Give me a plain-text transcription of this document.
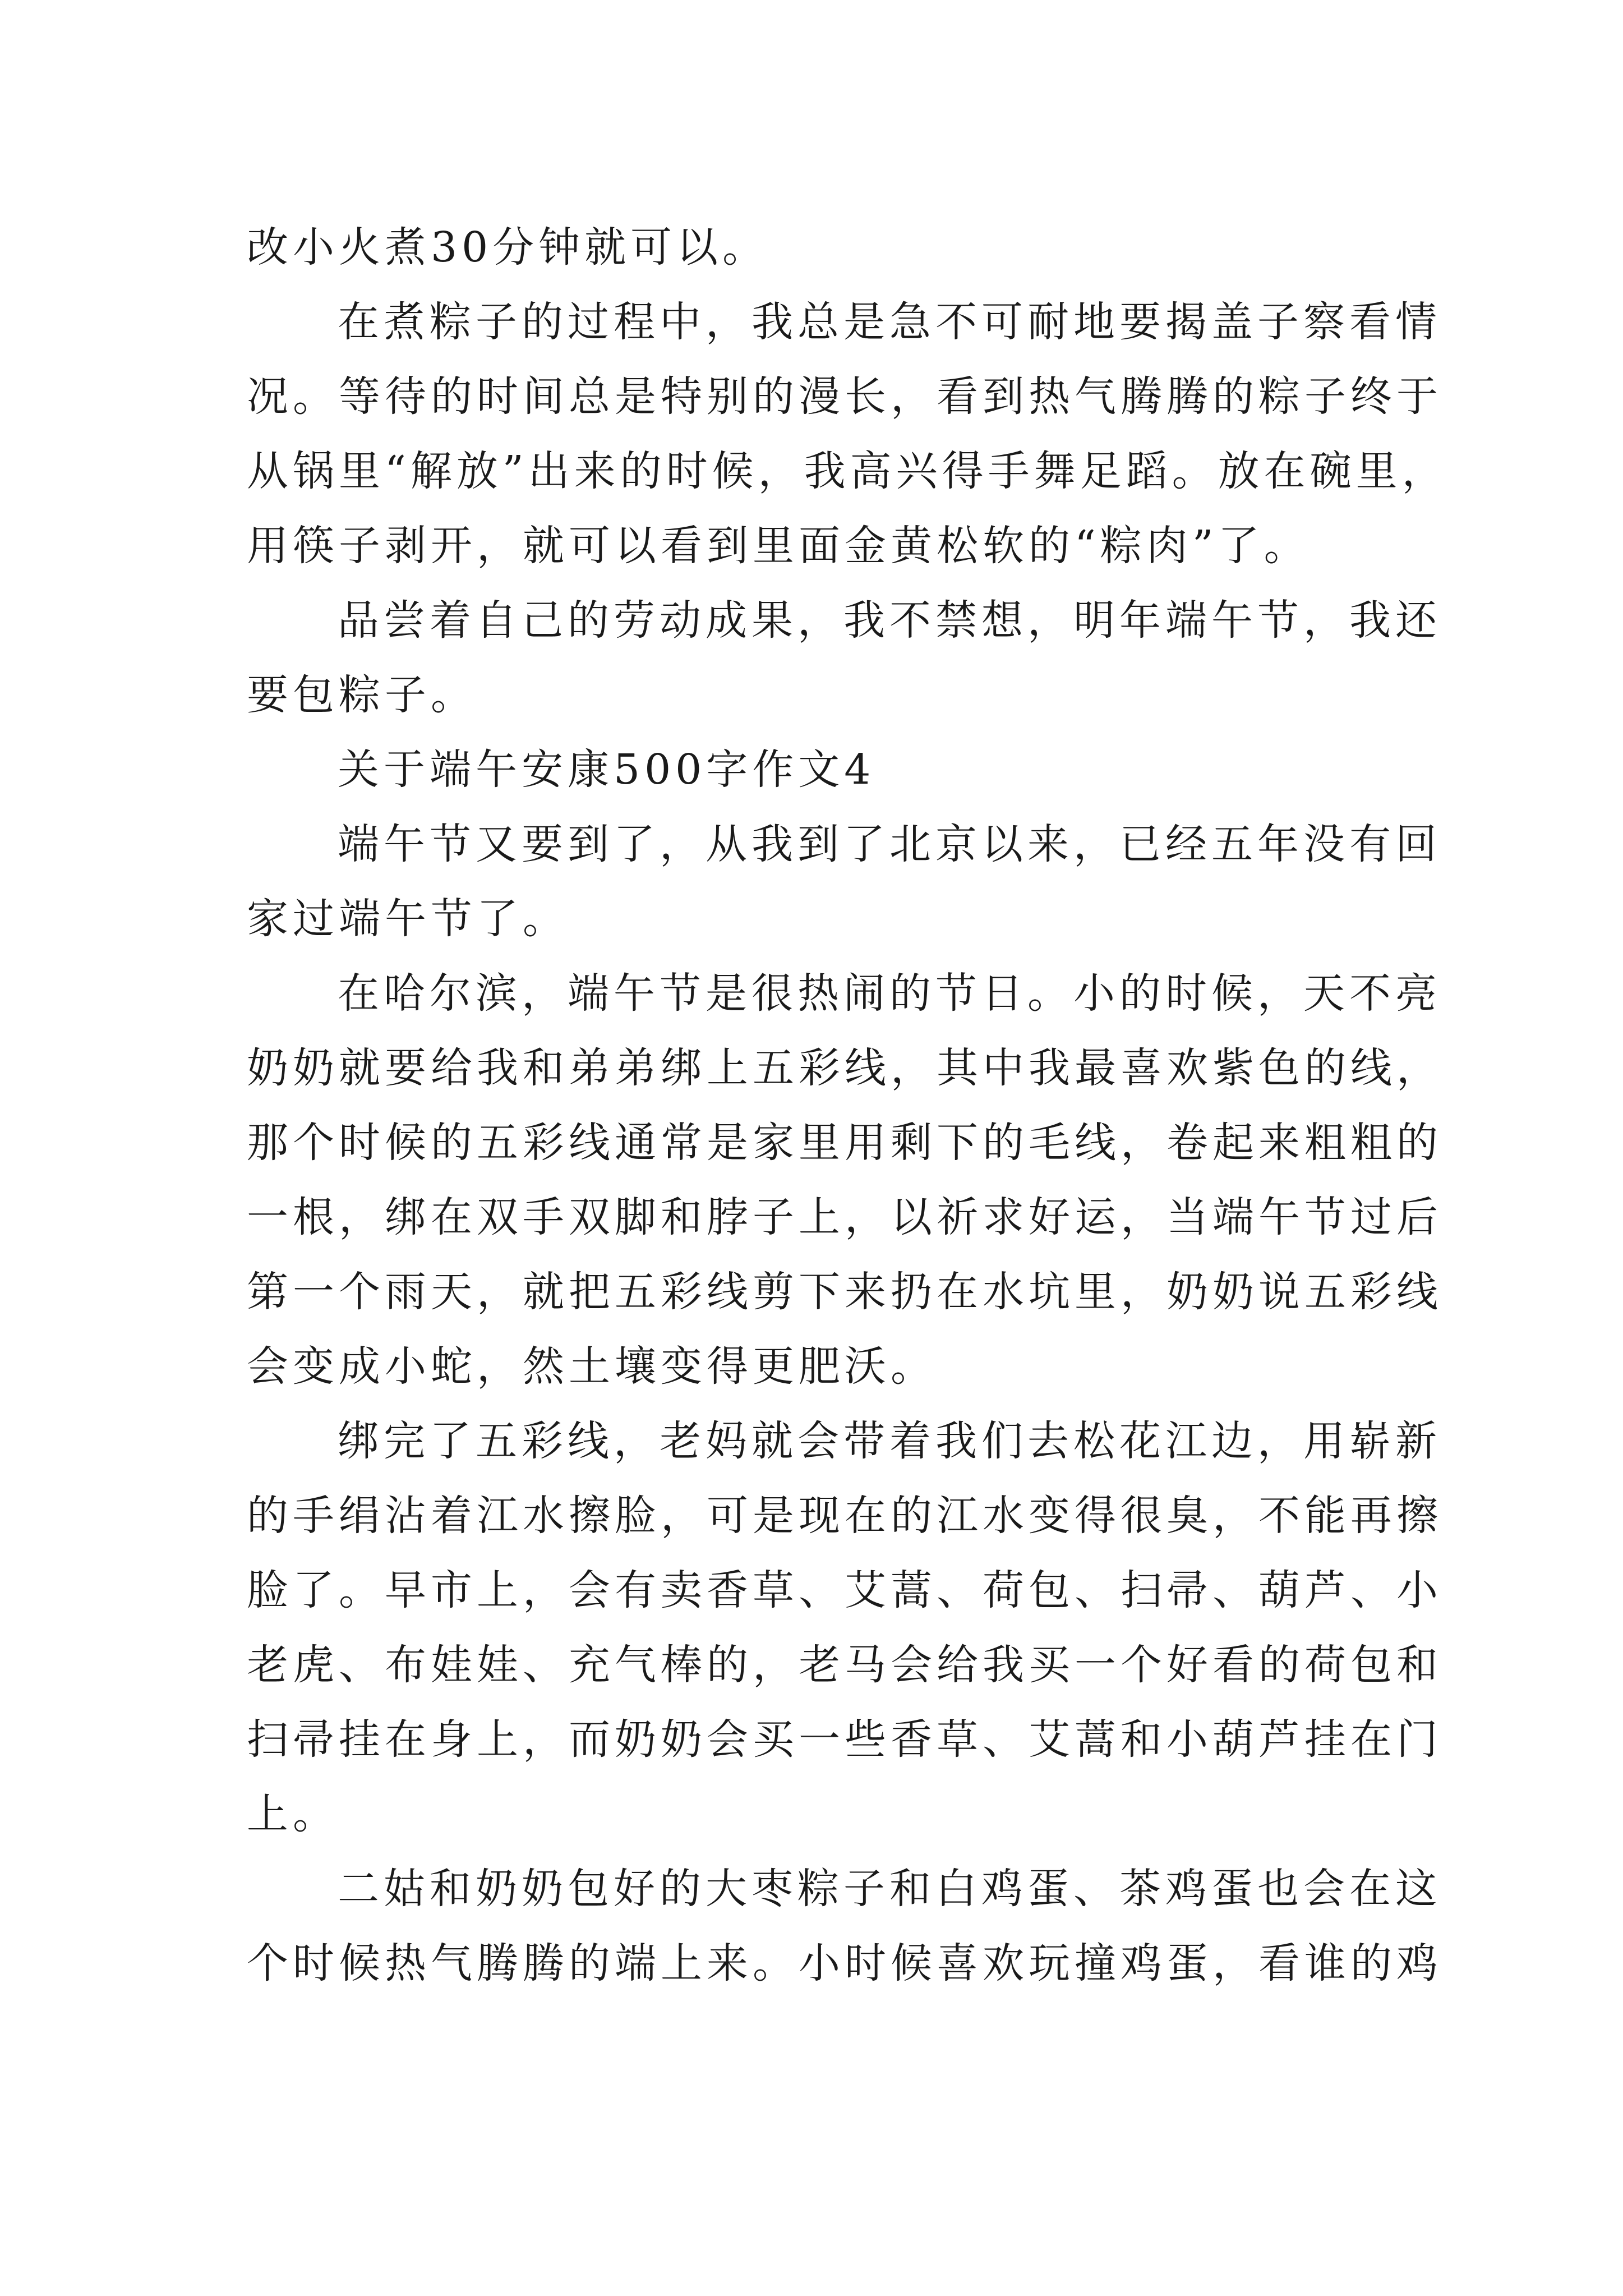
改小火煮30分钟就可以。
在煮粽子的过程中，我总是急不可耐地要揭盖子察看情
况。等待的时间总是特别的漫长，看到热气腾腾的粽子终于
从锅里“解放”出来的时候，我高兴得手舞足蹈。放在碗里，
用筷子剥开，就可以看到里面金黄松软的“粽肉”了。
品尝着自己的劳动成果，我不禁想，明年端午节，我还
要包粽子。
关于端午安康500字作文4
端午节又要到了，从我到了北京以来，已经五年没有回
家过端午节了。
在哈尔滨，端午节是很热闹的节日。小的时候，天不亮
奶奶就要给我和弟弟绑上五彩线，其中我最喜欢紫色的线，
那个时候的五彩线通常是家里用剩下的毛线，卷起来粗粗的
一根，绑在双手双脚和脖子上，以祈求好运，当端午节过后
第一个雨天，就把五彩线剪下来扔在水坑里，奶奶说五彩线
会变成小蛇，然土壤变得更肥沃。
绑完了五彩线，老妈就会带着我们去松花江边，用崭新
的手绢沾着江水擦脸，可是现在的江水变得很臭，不能再擦
脸了。早市上，会有卖香草、艾蒿、荷包、扫帚、葫芦、小
老虎、布娃娃、充气棒的，老马会给我买一个好看的荷包和
扫帚挂在身上，而奶奶会买一些香草、艾蒿和小葫芦挂在门
上。
二姑和奶奶包好的大枣粽子和白鸡蛋、茶鸡蛋也会在这
个时候热气腾腾的端上来。小时候喜欢玩撞鸡蛋，看谁的鸡
